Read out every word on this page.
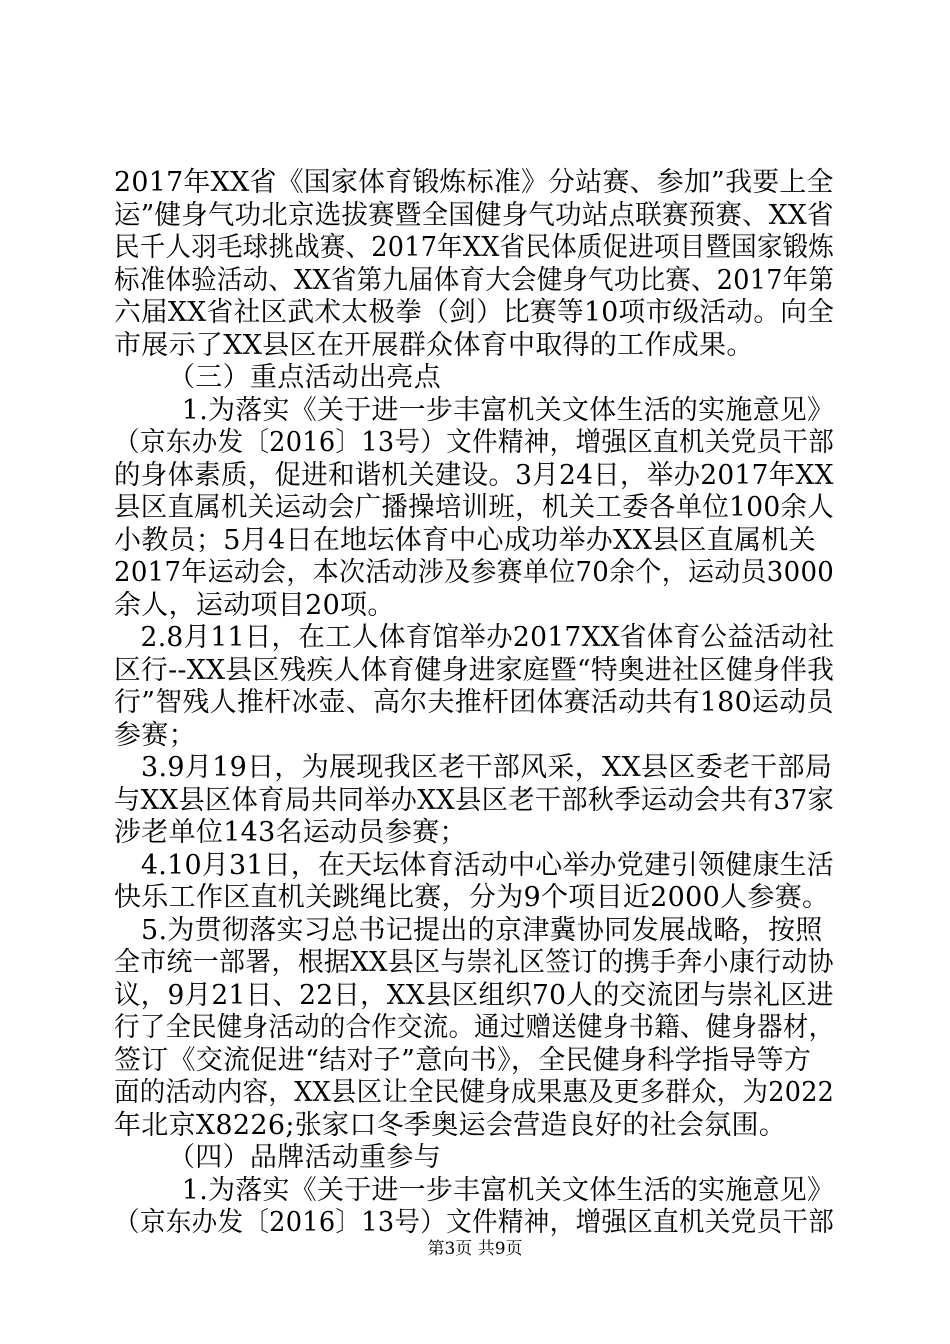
2017年XX省《国家体育锻炼标准》分站赛、参加”我要上全
运”健身气功北京选拔赛暨全国健身气功站点联赛预赛、XX省
民千人羽毛球挑战赛、2017年XX省民体质促进项目暨国家锻炼
标准体验活动、XX省第九届体育大会健身气功比赛、2017年第
六届XX省社区武术太极拳（剑）比赛等10项市级活动。向全
市展示了XX县区在开展群众体育中取得的工作成果。
（三）重点活动出亮点
1.为落实《关于进一步丰富机关文体生活的实施意见》
（京东办发〔2016〕13号）文件精神，增强区直机关党员干部
的身体素质，促进和谐机关建设。3月24日，举办2017年XX
县区直属机关运动会广播操培训班，机关工委各单位100余人
小教员；5月4日在地坛体育中心成功举办XX县区直属机关
2017年运动会，本次活动涉及参赛单位70余个，运动员3000
余人，运动项目20项。
2.8月11日，在工人体育馆举办2017XX省体育公益活动社
区行--XX县区残疾人体育健身进家庭暨“特奥进社区健身伴我
行”智残人推杆冰壶、高尔夫推杆团体赛活动共有180运动员
参赛；
3.9月19日，为展现我区老干部风采，XX县区委老干部局
与XX县区体育局共同举办XX县区老干部秋季运动会共有37家
涉老单位143名运动员参赛；
4.10月31日，在天坛体育活动中心举办党建引领健康生活
快乐工作区直机关跳绳比赛，分为9个项目近2000人参赛。
5.为贯彻落实习总书记提出的京津冀协同发展战略，按照
全市统一部署，根据XX县区与崇礼区签订的携手奔小康行动协
议，9月21日、22日，XX县区组织70人的交流团与崇礼区进
行了全民健身活动的合作交流。通过赠送健身书籍、健身器材，
签订《交流促进“结对子”意向书》，全民健身科学指导等方
面的活动内容，XX县区让全民健身成果惠及更多群众，为2022
年北京X8226;张家口冬季奥运会营造良好的社会氛围。
（四）品牌活动重参与
1.为落实《关于进一步丰富机关文体生活的实施意见》
（京东办发〔2016〕13号）文件精神，增强区直机关党员干部
第3页 共9页
